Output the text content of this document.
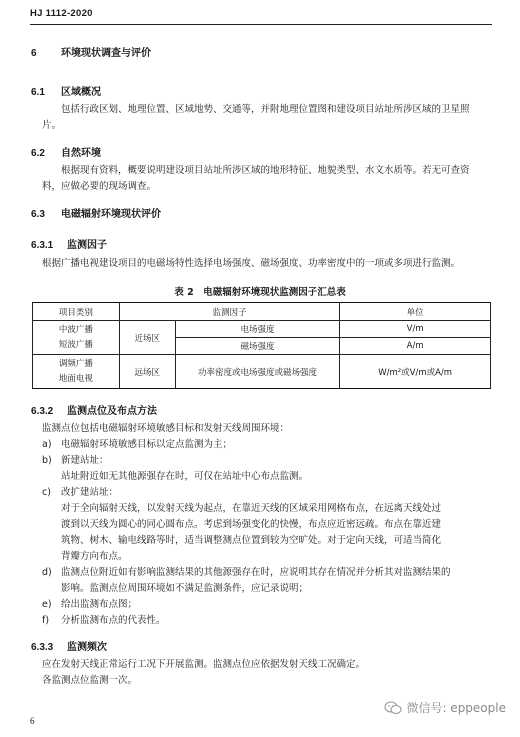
HJ 1112-2020
6 环境现状调查与评价
6.1 区域概况
包括行政区划、地理位置、区域地势、交通等，并附地理位置图和建设项目站址所涉区域的卫星照
片。
6.2 自然环境
根据现有资料，概要说明建设项目站址所涉区域的地形特征、地貌类型、水文水质等。若无可查资
料，应做必要的现场调查。
6.3 电磁辐射环境现状评价
6.3.1 监测因子
根据广播电视建设项目的电磁场特性选择电场强度、磁场强度、功率密度中的一项或多项进行监测。
表 2　电磁辐射环境现状监测因子汇总表
项目类别	监测因子		单位

中波广播
短波广播	近场区	电场强度	V/m
		磁场强度	A/m

调频广播
地面电视	远场区	功率密度或电场强度或磁场强度	W/m²或V/m或A/m
6.3.2 监测点位及布点方法
监测点位包括电磁辐射环境敏感目标和发射天线周围环境：
a) 电磁辐射环境敏感目标以定点监测为主；
b) 新建站址：
站址附近如无其他源强存在时，可仅在站址中心布点监测。
c)	改扩建站址：
对于全向辐射天线，以发射天线为起点，在靠近天线的区域采用网格布点，在远离天线处过
渡到以天线为圆心的同心圆布点。考虑到场强变化的快慢，布点应近密远疏。布点在靠近建
筑物、树木、输电线路等时，适当调整测点位置到较为空旷处。对于定向天线，可适当简化
背瓣方向布点。
d) 监测点位附近如有影响监测结果的其他源强存在时，应说明其存在情况并分析其对监测结果的
影响。监测点位周围环境如不满足监测条件，应记录说明；
e) 给出监测布点图；
f)	分析监测布点的代表性。
6.3.3 监测频次
应在发射天线正常运行工况下开展监测。监测点位应依据发射天线工况确定。
各监测点位监测一次。
6
微信号: eppeople
